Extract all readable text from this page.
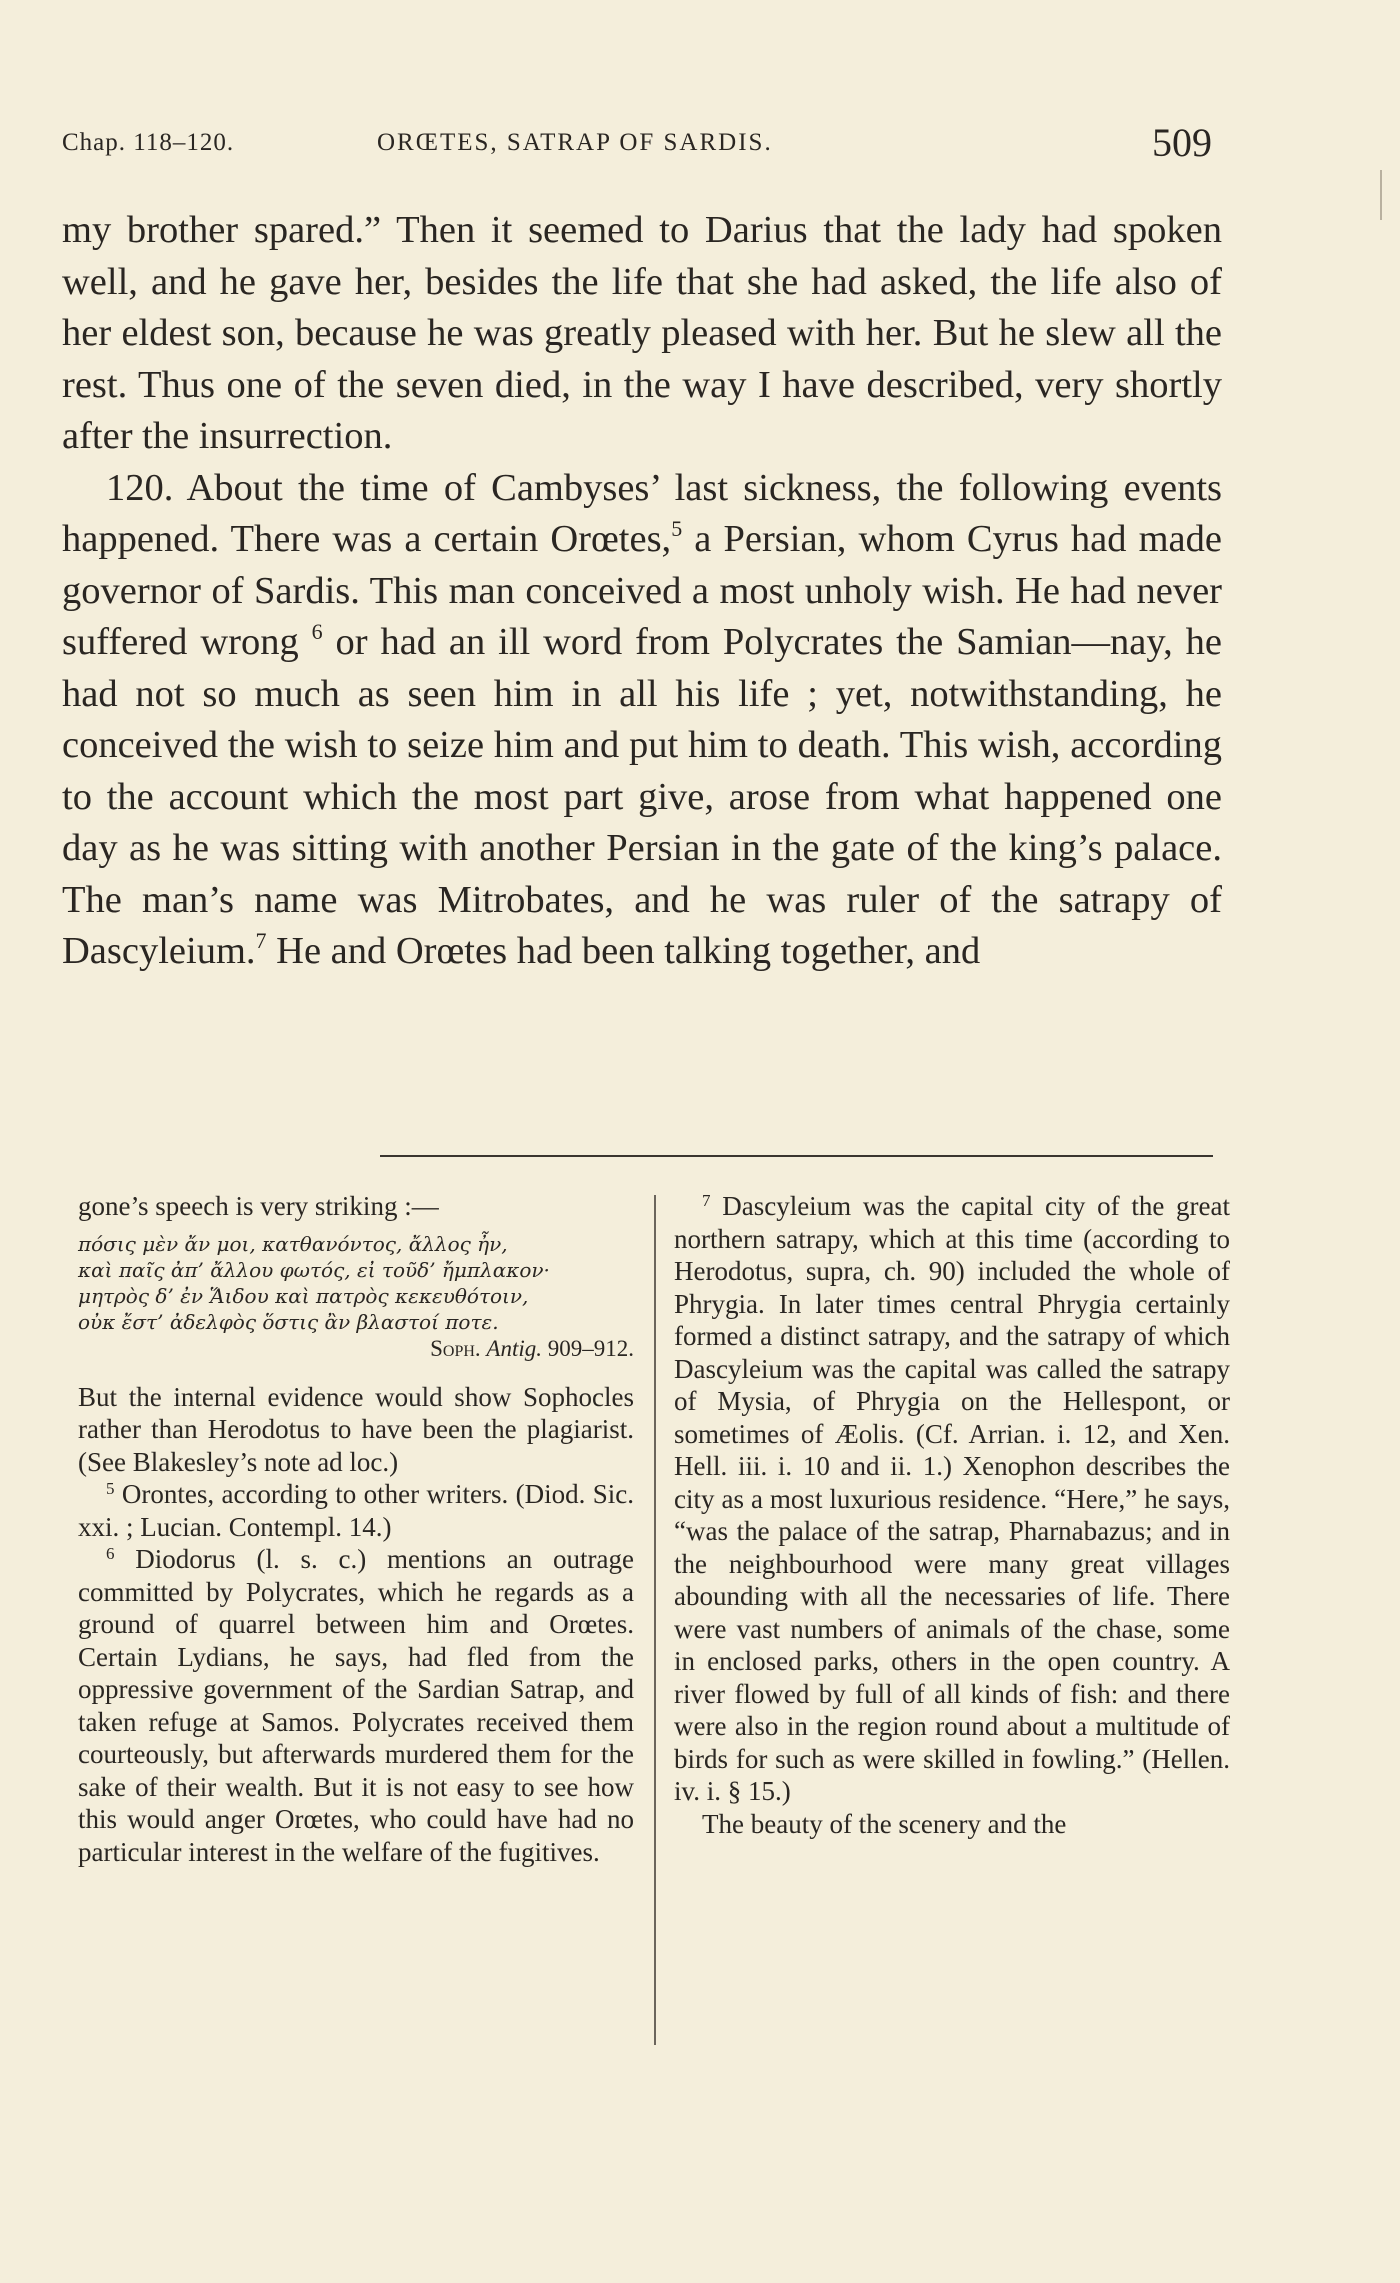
Chap. 118–120.	ORŒTES, SATRAP OF SARDIS.	509

my brother spared.” Then it seemed to Darius that the lady had spoken well, and he gave her, besides the life that she had asked, the life also of her eldest son, because he was greatly pleased with her. But he slew all the rest. Thus one of the seven died, in the way I have described, very shortly after the insurrection.

120. About the time of Cambyses’ last sickness, the following events happened. There was a certain Orœtes,$^5$ a Persian, whom Cyrus had made governor of Sardis. This man conceived a most unholy wish. He had never suffered wrong $^6$ or had an ill word from Polycrates the Samian—nay, he had not so much as seen him in all his life ; yet, notwithstanding, he conceived the wish to seize him and put him to death. This wish, according to the account which the most part give, arose from what happened one day as he was sitting with another Persian in the gate of the king’s palace. The man’s name was Mitrobates, and he was ruler of the satrapy of Dascyleium.$^7$ He and Orœtes had been talking together, and

gone’s speech is very striking :—

πόσις μὲν ἄν μοι, κατθανόντος, ἄλλος ἦν,
καὶ παῖς ἀπ’ ἄλλου φωτός, εἰ τοῦδ’ ἤμπλακον·
μητρὸς δ’ ἐν Ἅιδου καὶ πατρὸς κεκευθότοιν,
οὐκ ἔστ’ ἀδελφὸς ὅστις ἂν βλαστοί ποτε.
Soph. Antig. 909–912.

But the internal evidence would show Sophocles rather than Herodotus to have been the plagiarist. (See Blakesley’s note ad loc.)

$^5$ Orontes, according to other writers. (Diod. Sic. xxi. ; Lucian. Contempl. 14.)

$^6$ Diodorus (l. s. c.) mentions an outrage committed by Polycrates, which he regards as a ground of quarrel between him and Orœtes. Certain Lydians, he says, had fled from the oppressive government of the Sardian Satrap, and taken refuge at Samos. Polycrates received them courteously, but afterwards murdered them for the sake of their wealth. But it is not easy to see how this would anger Orœtes, who could have had no particular interest in the welfare of the fugitives.

$^7$ Dascyleium was the capital city of the great northern satrapy, which at this time (according to Herodotus, supra, ch. 90) included the whole of Phrygia. In later times central Phrygia certainly formed a distinct satrapy, and the satrapy of which Dascyleium was the capital was called the satrapy of Mysia, of Phrygia on the Hellespont, or sometimes of Æolis. (Cf. Arrian. i. 12, and Xen. Hell. iii. i. 10 and ii. 1.) Xenophon describes the city as a most luxurious residence. “Here,” he says, “was the palace of the satrap, Pharnabazus; and in the neighbourhood were many great villages abounding with all the necessaries of life. There were vast numbers of animals of the chase, some in enclosed parks, others in the open country. A river flowed by full of all kinds of fish: and there were also in the region round about a multitude of birds for such as were skilled in fowling.” (Hellen. iv. i. § 15.)

The beauty of the scenery and the
